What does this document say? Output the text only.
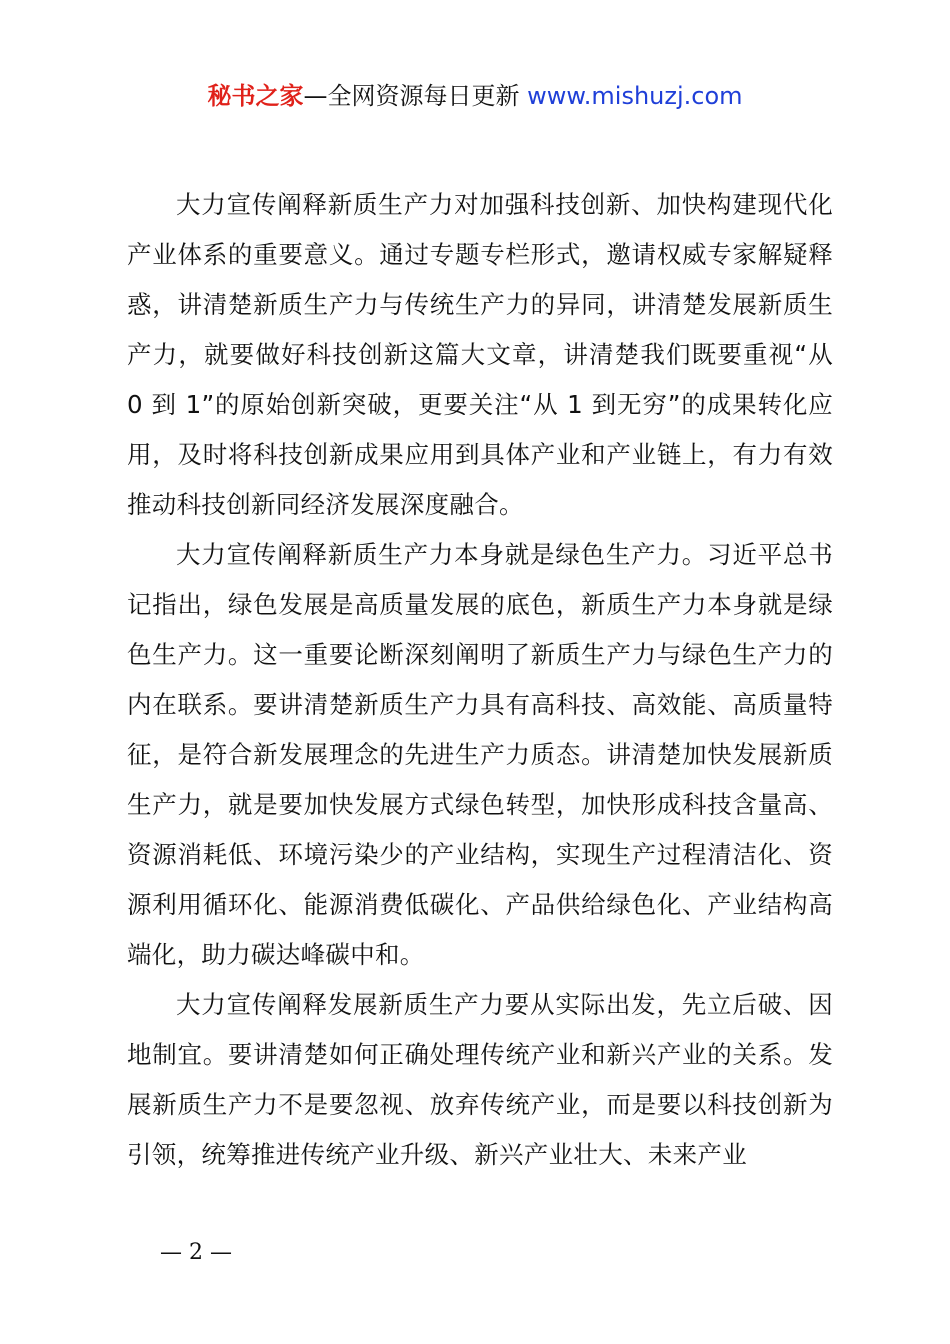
秘书之家—全网资源每日更新 www.mishuzj.com

大力宣传阐释新质生产力对加强科技创新、加快构建现代化产业体系的重要意义。通过专题专栏形式，邀请权威专家解疑释惑，讲清楚新质生产力与传统生产力的异同，讲清楚发展新质生产力，就要做好科技创新这篇大文章，讲清楚我们既要重视“从 0 到 1”的原始创新突破，更要关注“从 1 到无穷”的成果转化应用，及时将科技创新成果应用到具体产业和产业链上，有力有效推动科技创新同经济发展深度融合。

大力宣传阐释新质生产力本身就是绿色生产力。习近平总书记指出，绿色发展是高质量发展的底色，新质生产力本身就是绿色生产力。这一重要论断深刻阐明了新质生产力与绿色生产力的内在联系。要讲清楚新质生产力具有高科技、高效能、高质量特征，是符合新发展理念的先进生产力质态。讲清楚加快发展新质生产力，就是要加快发展方式绿色转型，加快形成科技含量高、资源消耗低、环境污染少的产业结构，实现生产过程清洁化、资源利用循环化、能源消费低碳化、产品供给绿色化、产业结构高端化，助力碳达峰碳中和。

大力宣传阐释发展新质生产力要从实际出发，先立后破、因地制宜。要讲清楚如何正确处理传统产业和新兴产业的关系。发展新质生产力不是要忽视、放弃传统产业，而是要以科技创新为引领，统筹推进传统产业升级、新兴产业壮大、未来产业

— 2 —
